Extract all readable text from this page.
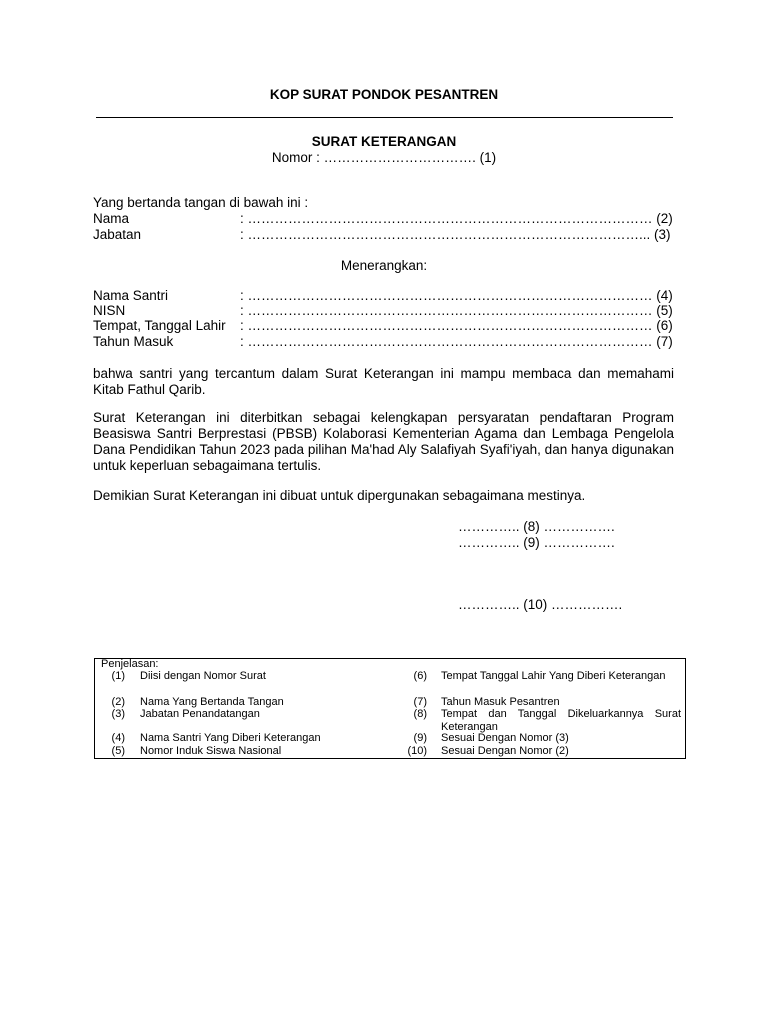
KOP SURAT PONDOK PESANTREN
SURAT KETERANGAN
Nomor : ……………………………. (1)
Yang bertanda tangan di bawah ini :
Nama	: ……………………………………………………………………………… (2)
Jabatan	: ……………………………………………………………………………... (3)
Menerangkan:
Nama Santri	: ……………………………………………………………………………… (4)
NISN	: ……………………………………………………………………………… (5)
Tempat, Tanggal Lahir : ……………………………………………………………………………… (6)
Tahun Masuk	: ……………………………………………………………………………… (7)
bahwa santri yang tercantum dalam Surat Keterangan ini mampu membaca dan memahami Kitab Fathul Qarib.
Surat Keterangan ini diterbitkan sebagai kelengkapan persyaratan pendaftaran Program Beasiswa Santri Berprestasi (PBSB) Kolaborasi Kementerian Agama dan Lembaga Pengelola Dana Pendidikan Tahun 2023 pada pilihan Ma'had Aly Salafiyah Syafi'iyah, dan hanya digunakan untuk keperluan sebagaimana tertulis.
Demikian Surat Keterangan ini dibuat untuk dipergunakan sebagaimana mestinya.
………….. (8) …………….
………….. (9) …………….
………….. (10) …………….
Penjelasan:
(1) Diisi dengan Nomor Surat
(2) Nama Yang Bertanda Tangan
(3) Jabatan Penandatangan
(4) Nama Santri Yang Diberi Keterangan
(5) Nomor Induk Siswa Nasional
(6) Tempat Tanggal Lahir Yang Diberi Keterangan
(7) Tahun Masuk Pesantren
(8) Tempat dan Tanggal Dikeluarkannya Surat Keterangan
(9) Sesuai Dengan Nomor (3)
(10) Sesuai Dengan Nomor (2)
